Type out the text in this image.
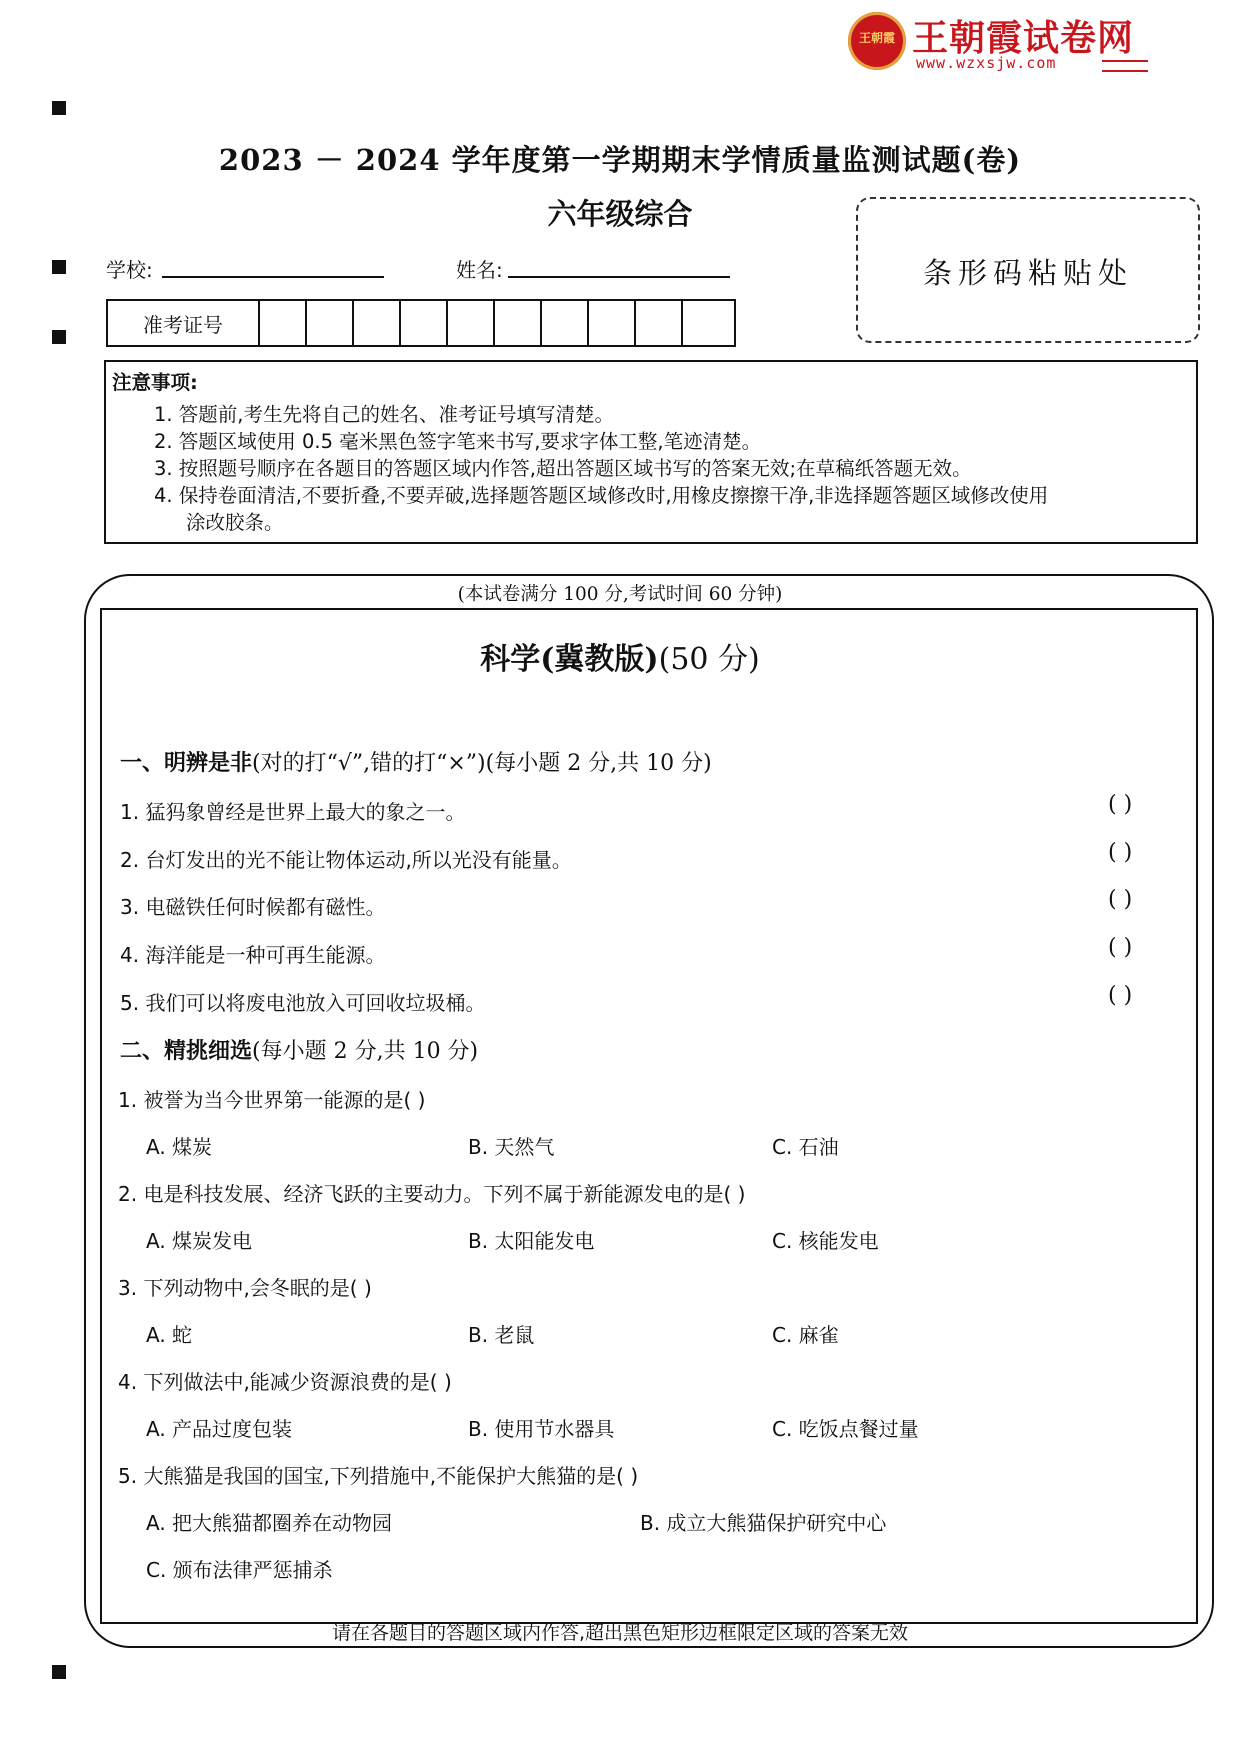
王朝霞 王朝霞试卷网
www.wzxsjw.com
2023 － 2024 学年度第一学期期末学情质量监测试题(卷)
六年级综合
条形码粘贴处
学校:	姓名:
准考证号
注意事项:
1. 答题前,考生先将自己的姓名、准考证号填写清楚。
2. 答题区域使用 0.5 毫米黑色签字笔来书写,要求字体工整,笔迹清楚。
3. 按照题号顺序在各题目的答题区域内作答,超出答题区域书写的答案无效;在草稿纸答题无效。
4. 保持卷面清洁,不要折叠,不要弄破,选择题答题区域修改时,用橡皮擦擦干净,非选择题答题区域修改使用
涂改胶条。
(本试卷满分 100 分,考试时间 60 分钟)
科学(冀教版)(50 分)
一、明辨是非(对的打“√”,错的打“×”)(每小题 2 分,共 10 分)
1. 猛犸象曾经是世界上最大的象之一。	( )
2. 台灯发出的光不能让物体运动,所以光没有能量。	( )
3. 电磁铁任何时候都有磁性。	( )
4. 海洋能是一种可再生能源。	( )
5. 我们可以将废电池放入可回收垃圾桶。	( )
二、精挑细选(每小题 2 分,共 10 分)
1. 被誉为当今世界第一能源的是( )
A. 煤炭	B. 天然气	C. 石油
2. 电是科技发展、经济飞跃的主要动力。下列不属于新能源发电的是( )
A. 煤炭发电	B. 太阳能发电	C. 核能发电
3. 下列动物中,会冬眠的是( )
A. 蛇	B. 老鼠	C. 麻雀
4. 下列做法中,能减少资源浪费的是( )
A. 产品过度包装	B. 使用节水器具	C. 吃饭点餐过量
5. 大熊猫是我国的国宝,下列措施中,不能保护大熊猫的是( )
A. 把大熊猫都圈养在动物园	B. 成立大熊猫保护研究中心
C. 颁布法律严惩捕杀
请在各题目的答题区域内作答,超出黑色矩形边框限定区域的答案无效
